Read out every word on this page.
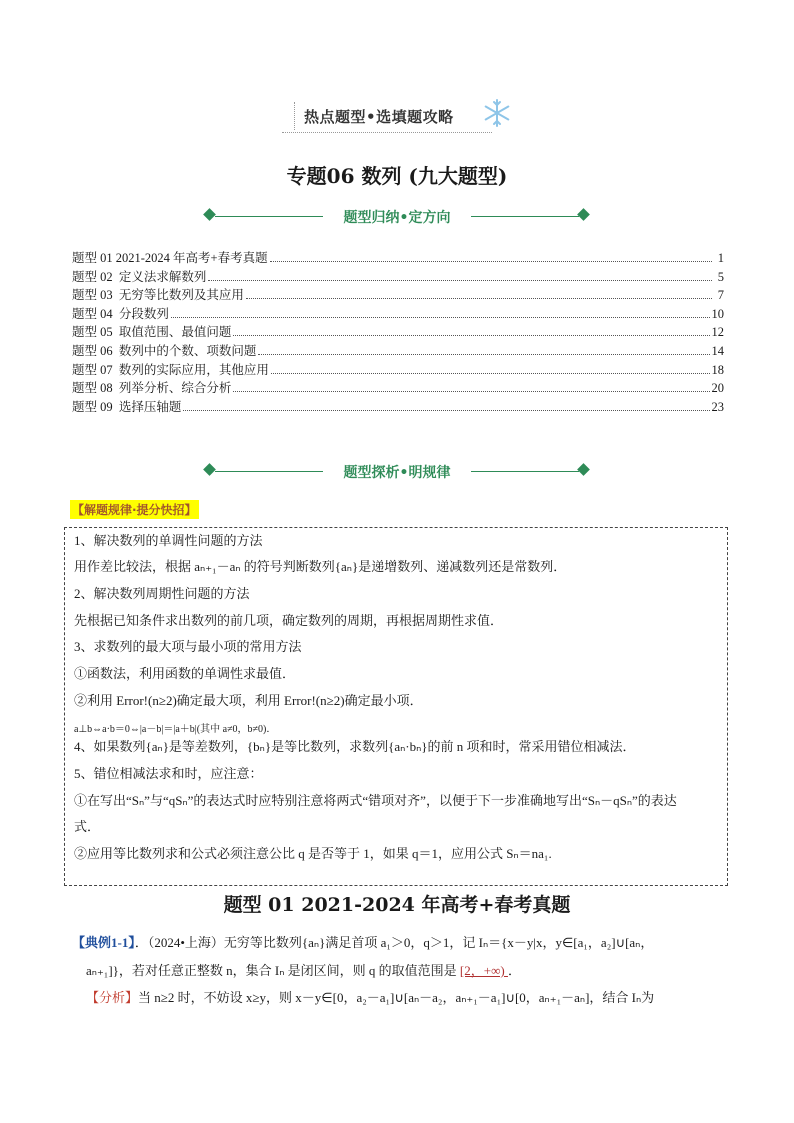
热点题型•选填题攻略
专题06 数列 (九大题型)
题型归纳•定方向
题型 01 2021-2024 年高考+春考真题	1
题型 02  定义法求解数列	5
题型 03  无穷等比数列及其应用	7
题型 04  分段数列	10
题型 05  取值范围、最值问题	12
题型 06  数列中的个数、项数问题	14
题型 07  数列的实际应用，其他应用	18
题型 08  列举分析、综合分析	20
题型 09  选择压轴题	23
题型探析•明规律
【解题规律·提分快招】
1、解决数列的单调性问题的方法
用作差比较法，根据 aₙ₊₁－aₙ 的符号判断数列{aₙ}是递增数列、递减数列还是常数列．
2、解决数列周期性问题的方法
先根据已知条件求出数列的前几项，确定数列的周期，再根据周期性求值．
3、求数列的最大项与最小项的常用方法
①函数法，利用函数的单调性求最值．
②利用 Error!(n≥2)确定最大项，利用 Error!(n≥2)确定最小项．
a⊥b⇔a·b＝0⇔|a－b|＝|a＋b|(其中 a≠0，b≠0)．
4、如果数列{aₙ}是等差数列，{bₙ}是等比数列，求数列{aₙ·bₙ}的前 n 项和时，常采用错位相减法．
5、错位相减法求和时，应注意：
①在写出“Sₙ”与“qSₙ”的表达式时应特别注意将两式“错项对齐”，以便于下一步准确地写出“Sₙ－qSₙ”的表达
式．
②应用等比数列求和公式必须注意公比 q 是否等于 1，如果 q＝1，应用公式 Sₙ＝na₁.
题型 01 2021-2024 年高考+春考真题
【典例1-1】．（2024•上海）无穷等比数列{aₙ}满足首项 a₁＞0，q＞1，记 Iₙ＝{x－y|x，y∈[a₁，a₂]∪[aₙ，
aₙ₊₁]}，若对任意正整数 n，集合 Iₙ 是闭区间，则 q 的取值范围是 [2，+∞) ．
【分析】当 n≥2 时，不妨设 x≥y，则 x－y∈[0，a₂－a₁]∪[aₙ－a₂，aₙ₊₁－a₁]∪[0，aₙ₊₁－aₙ]，结合 Iₙ为
